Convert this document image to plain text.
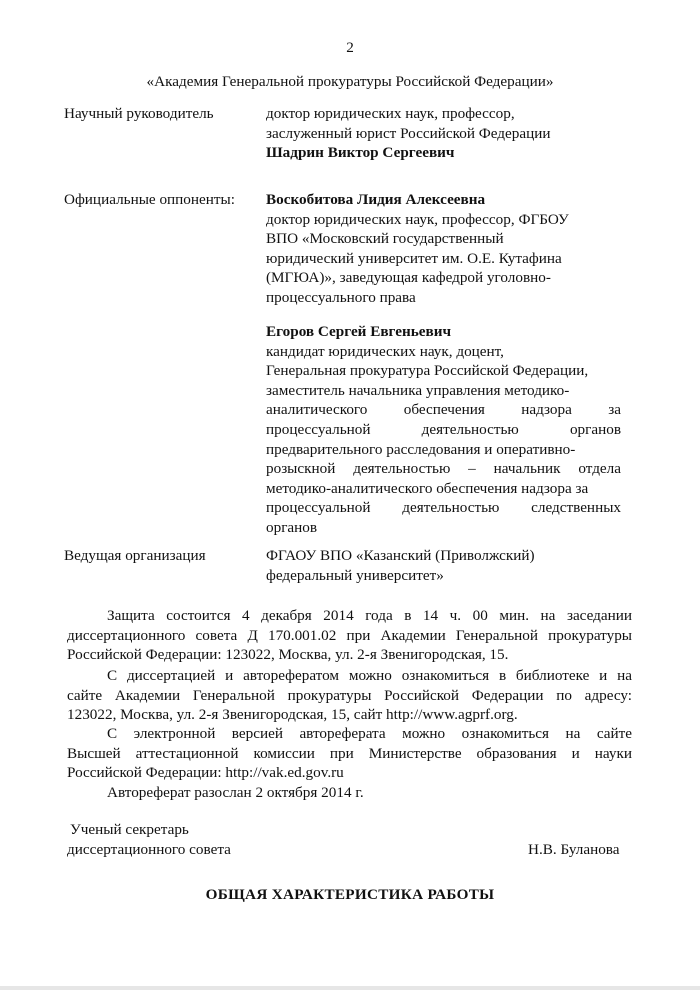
2
«Академия Генеральной прокуратуры Российской Федерации»
Научный руководитель	доктор юридических наук, профессор,
заслуженный юрист Российской Федерации
Шадрин Виктор Сергеевич
Официальные оппоненты: Воскобитова Лидия Алексеевна
доктор юридических наук, профессор, ФГБОУ
ВПО «Московский государственный
юридический университет им. О.Е. Кутафина
(МГЮА)», заведующая кафедрой уголовно-
процессуального права
Егоров Сергей Евгеньевич
кандидат юридических наук, доцент,
Генеральная прокуратура Российской Федерации,
заместитель начальника управления методико-
аналитического обеспечения надзора за
процессуальной деятельностью органов
предварительного расследования и оперативно-
розыскной деятельностью – начальник отдела
методико-аналитического обеспечения надзора за
процессуальной деятельностью следственных
органов
Ведущая организация	ФГАОУ ВПО «Казанский (Приволжский)
федеральный университет»
Защита состоится 4 декабря 2014 года в 14 ч. 00 мин. на заседании
диссертационного совета Д 170.001.02 при Академии Генеральной прокуратуры
Российской Федерации: 123022, Москва, ул. 2-я Звенигородская, 15.
С диссертацией и авторефератом можно ознакомиться в библиотеке и на
сайте Академии Генеральной прокуратуры Российской Федерации по адресу:
123022, Москва, ул. 2-я Звенигородская, 15, сайт http://www.agprf.org.
С электронной версией автореферата можно ознакомиться на сайте
Высшей аттестационной комиссии при Министерстве образования и науки
Российской Федерации: http://vak.ed.gov.ru
Автореферат разослан 2 октября 2014 г.
Ученый секретарь
диссертационного совета	Н.В. Буланова
ОБЩАЯ ХАРАКТЕРИСТИКА РАБОТЫ
